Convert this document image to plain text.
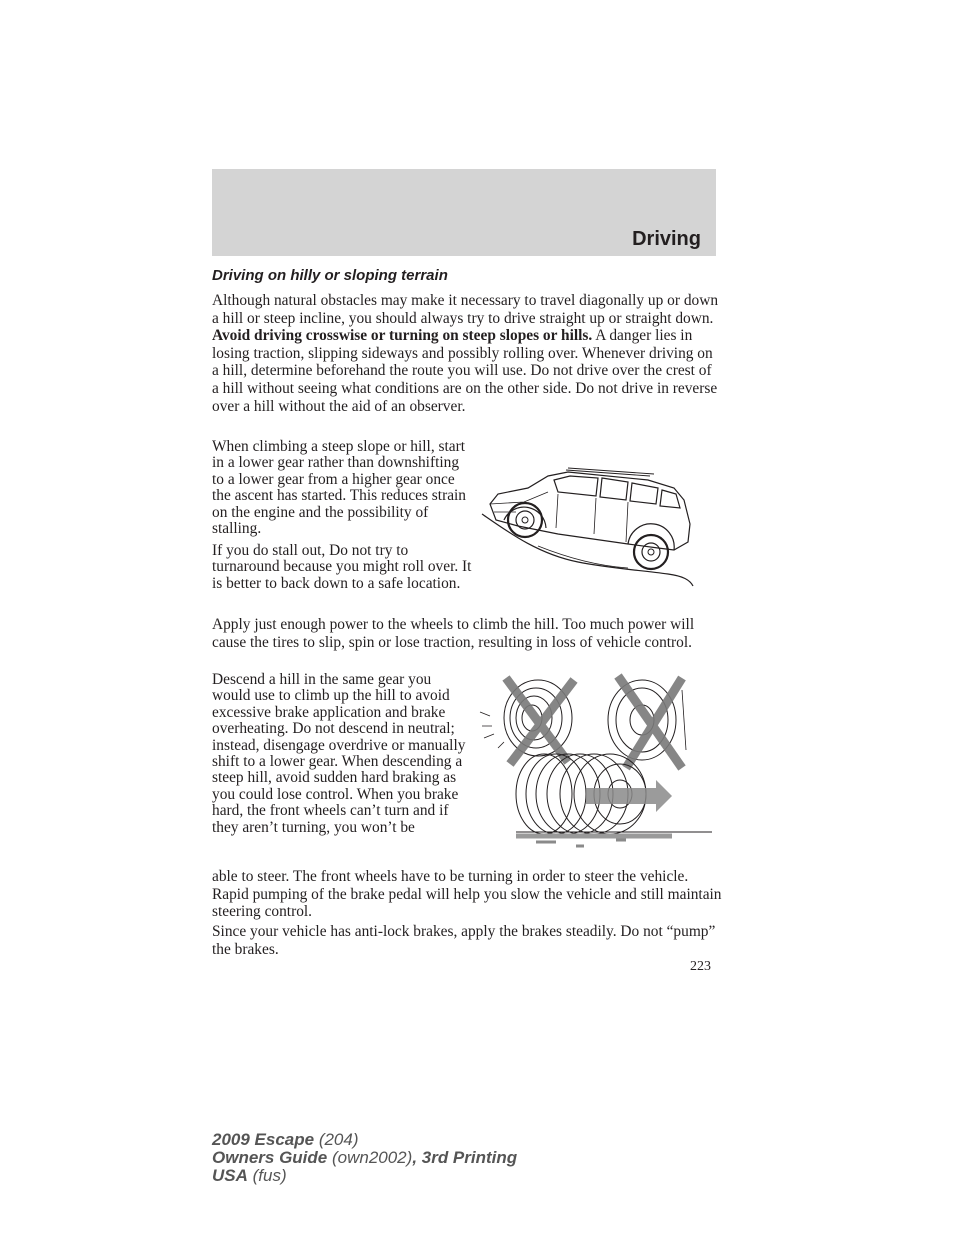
Driving
Driving on hilly or sloping terrain

Although natural obstacles may make it necessary to travel diagonally up or down a hill or steep incline, you should always try to drive straight up or straight down. Avoid driving crosswise or turning on steep slopes or hills. A danger lies in losing traction, slipping sideways and possibly rolling over. Whenever driving on a hill, determine beforehand the route you will use. Do not drive over the crest of a hill without seeing what conditions are on the other side. Do not drive in reverse over a hill without the aid of an observer.

When climbing a steep slope or hill, start in a lower gear rather than downshifting to a lower gear from a higher gear once the ascent has started. This reduces strain on the engine and the possibility of stalling.

If you do stall out, Do not try to turnaround because you might roll over. It is better to back down to a safe location.

Apply just enough power to the wheels to climb the hill. Too much power will cause the tires to slip, spin or lose traction, resulting in loss of vehicle control.

Descend a hill in the same gear you would use to climb up the hill to avoid excessive brake application and brake overheating. Do not descend in neutral; instead, disengage overdrive or manually shift to a lower gear. When descending a steep hill, avoid sudden hard braking as you could lose control. When you brake hard, the front wheels can’t turn and if they aren’t turning, you won’t be

able to steer. The front wheels have to be turning in order to steer the vehicle. Rapid pumping of the brake pedal will help you slow the vehicle and still maintain steering control.

Since your vehicle has anti-lock brakes, apply the brakes steadily. Do not “pump” the brakes.

223
2009 Escape (204)
Owners Guide (own2002), 3rd Printing
USA (fus)
